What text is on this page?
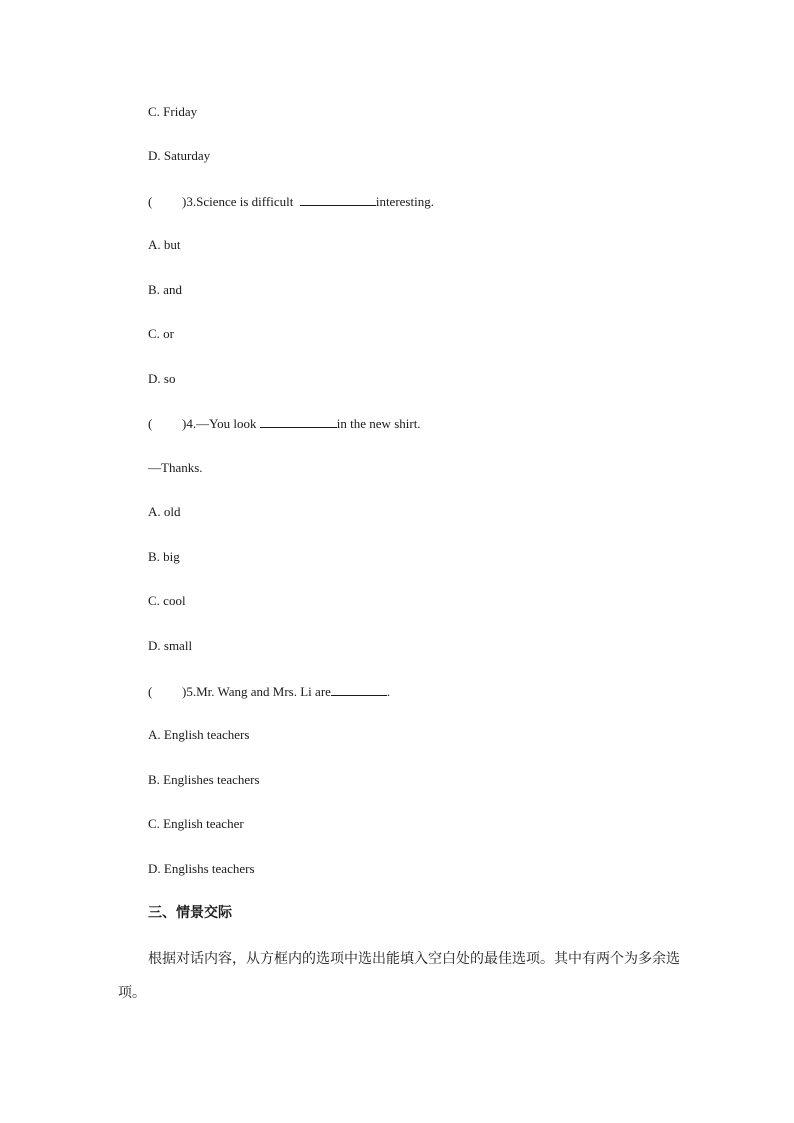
C. Friday
D. Saturday
( )3.Science is difficult	interesting.
A. but
B. and
C. or
D. so
( )4.—You look	in the new shirt.
—Thanks.
A. old
B. big
C. cool
D. small
( )5.Mr. Wang and Mrs. Li are	.
A. English teachers
B. Englishes teachers
C. English teacher
D. Englishs teachers
三、情景交际
根据对话内容，从方框内的选项中选出能填入空白处的最佳选项。其中有两个为多余选
项。
